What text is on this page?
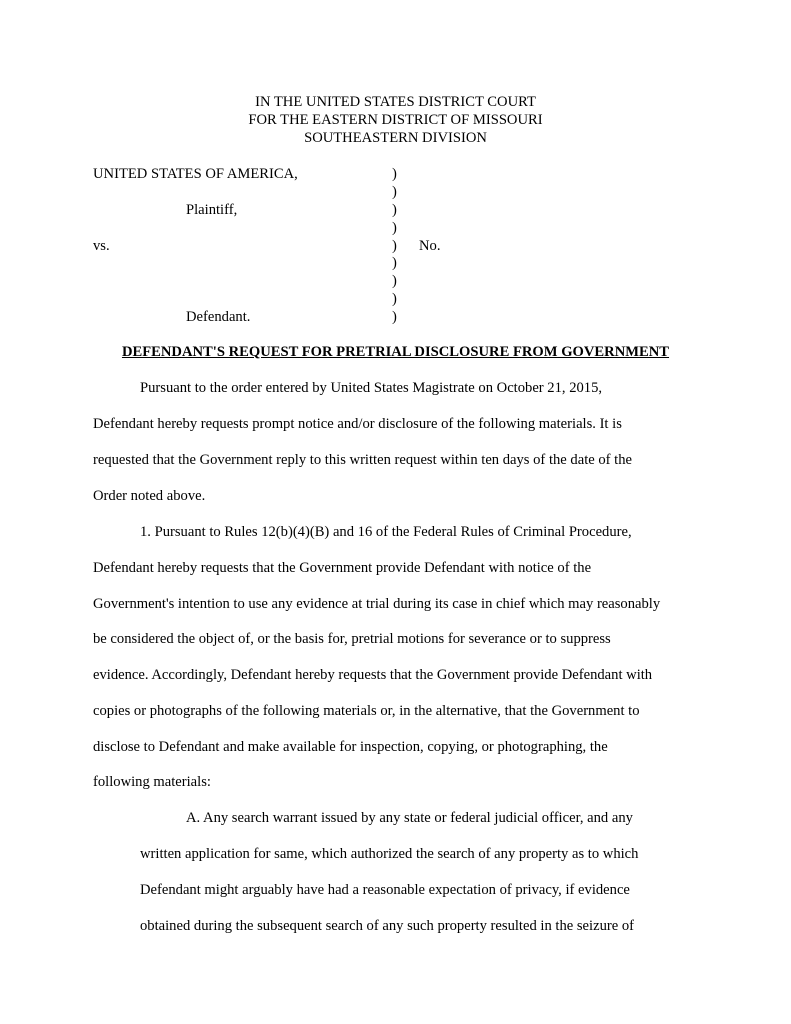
IN THE UNITED STATES DISTRICT COURT
FOR THE EASTERN DISTRICT OF MISSOURI
SOUTHEASTERN DIVISION
UNITED STATES OF AMERICA,
Plaintiff,
vs.
Defendant.
No.
)
)
)
)
)
)
)
)
)
DEFENDANT'S REQUEST FOR PRETRIAL DISCLOSURE FROM GOVERNMENT
Pursuant to the order entered by United States Magistrate on October 21, 2015,
Defendant hereby requests prompt notice and/or disclosure of the following materials. It is
requested that the Government reply to this written request within ten days of the date of the
Order noted above.
1. Pursuant to Rules 12(b)(4)(B) and 16 of the Federal Rules of Criminal Procedure,
Defendant hereby requests that the Government provide Defendant with notice of the
Government's intention to use any evidence at trial during its case in chief which may reasonably
be considered the object of, or the basis for, pretrial motions for severance or to suppress
evidence. Accordingly, Defendant hereby requests that the Government provide Defendant with
copies or photographs of the following materials or, in the alternative, that the Government to
disclose to Defendant and make available for inspection, copying, or photographing, the
following materials:
A. Any search warrant issued by any state or federal judicial officer, and any
written application for same, which authorized the search of any property as to which
Defendant might arguably have had a reasonable expectation of privacy, if evidence
obtained during the subsequent search of any such property resulted in the seizure of
